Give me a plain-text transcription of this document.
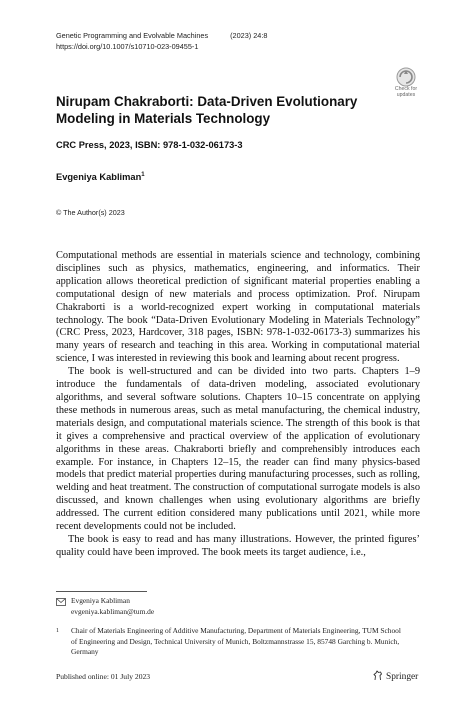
Genetic Programming and Evolvable Machines	(2023) 24:8
https://doi.org/10.1007/s10710-023-09455-1
Check for
updates
Nirupam Chakraborti: Data-Driven Evolutionary Modeling in Materials Technology
CRC Press, 2023, ISBN: 978-1-032-06173-3
Evgeniya Kabliman$^1$
© The Author(s) 2023

Computational methods are essential in materials science and technology, combining disciplines such as physics, mathematics, engineering, and informatics. Their application allows theoretical prediction of significant material properties enabling a computational design of new materials and process optimization. Prof. Nirupam Chakraborti is a world-recognized expert working in computational materials technology. The book “Data-Driven Evolutionary Modeling in Materials Technology” (CRC Press, 2023, Hardcover, 318 pages, ISBN: 978-1-032-06173-3) summarizes his many years of research and teaching in this area. Working in computational material science, I was interested in reviewing this book and learning about recent progress.

The book is well-structured and can be divided into two parts. Chapters 1–9 introduce the fundamentals of data-driven modeling, associated evolutionary algorithms, and several software solutions. Chapters 10–15 concentrate on applying these methods in numerous areas, such as metal manufacturing, the chemical industry, materials design, and computational materials science. The strength of this book is that it gives a comprehensive and practical overview of the application of evolutionary algorithms in these areas. Chakraborti briefly and comprehensibly introduces each example. For instance, in Chapters 12–15, the reader can find many physics-based models that predict material properties during manufacturing processes, such as rolling, welding and heat treatment. The construction of computational surrogate models is also discussed, and known challenges when using evolutionary algorithms are briefly addressed. The current edition considered many publications until 2021, while more recent developments could not be included.

The book is easy to read and has many illustrations. However, the printed figures’ quality could have been improved. The book meets its target audience, i.e.,

Evgeniya Kabliman
evgeniya.kabliman@tum.de
1 Chair of Materials Engineering of Additive Manufacturing, Department of Materials Engineering, TUM School of Engineering and Design, Technical University of Munich, Boltzmannstrasse 15, 85748 Garching b. Munich, Germany
Published online: 01 July 2023	Springer
